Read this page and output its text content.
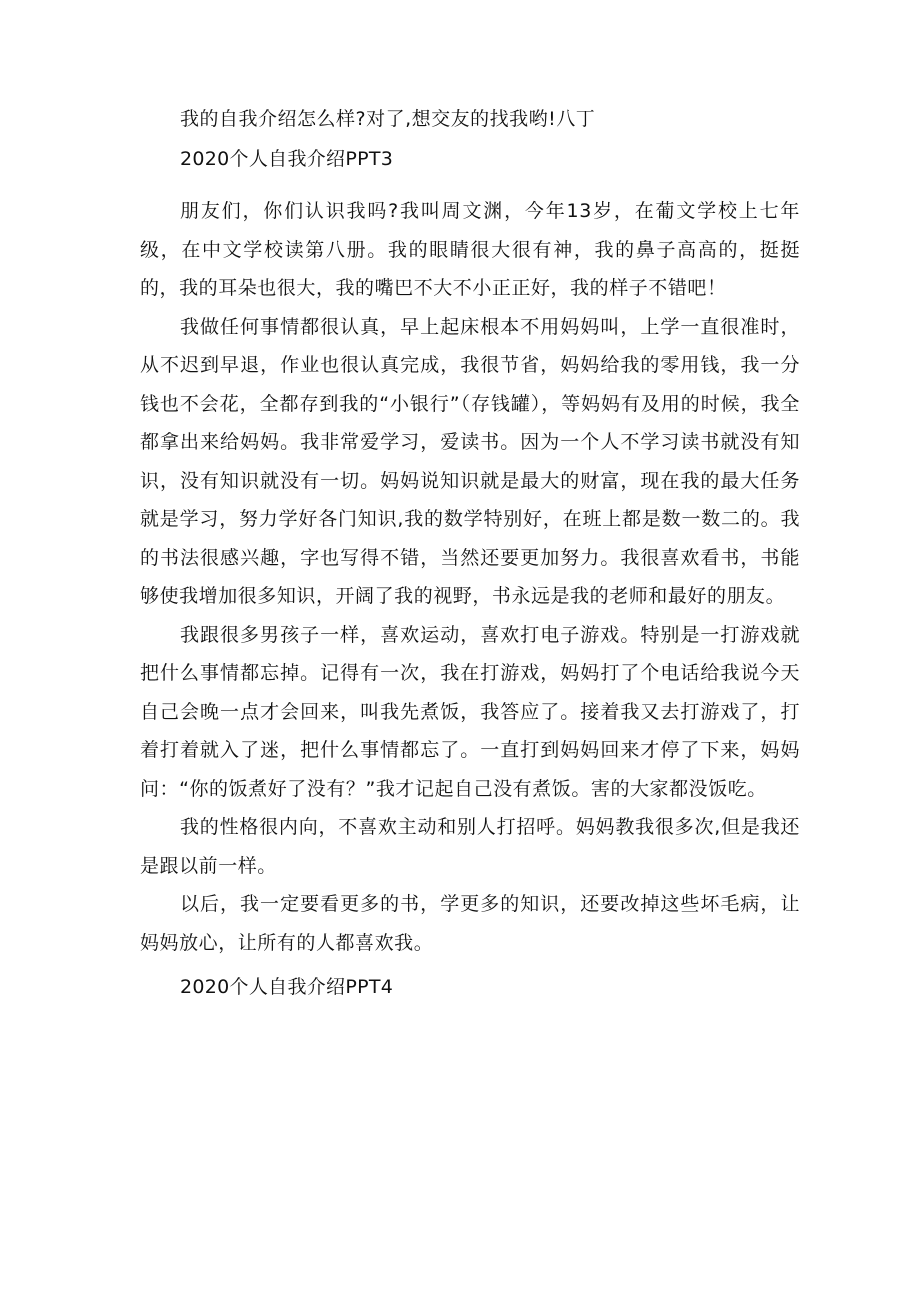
我的自我介绍怎么样?对了,想交友的找我哟!八丁
2020个人自我介绍PPT3

朋友们，你们认识我吗?我叫周文渊，今年13岁，在葡文学校上七年级，在中文学校读第八册。我的眼睛很大很有神，我的鼻子高高的，挺挺的，我的耳朵也很大，我的嘴巴不大不小正正好，我的样子不错吧！

我做任何事情都很认真，早上起床根本不用妈妈叫，上学一直很准时，从不迟到早退，作业也很认真完成，我很节省，妈妈给我的零用钱，我一分钱也不会花，全都存到我的“小银行”（存钱罐），等妈妈有及用的时候，我全都拿出来给妈妈。我非常爱学习，爱读书。因为一个人不学习读书就没有知识，没有知识就没有一切。妈妈说知识就是最大的财富，现在我的最大任务就是学习，努力学好各门知识,我的数学特别好，在班上都是数一数二的。我的书法很感兴趣，字也写得不错，当然还要更加努力。我很喜欢看书，书能够使我增加很多知识，开阔了我的视野，书永远是我的老师和最好的朋友。

我跟很多男孩子一样，喜欢运动，喜欢打电子游戏。特别是一打游戏就把什么事情都忘掉。记得有一次，我在打游戏，妈妈打了个电话给我说今天自己会晚一点才会回来，叫我先煮饭，我答应了。接着我又去打游戏了，打着打着就入了迷，把什么事情都忘了。一直打到妈妈回来才停了下来，妈妈问：“你的饭煮好了没有？”我才记起自己没有煮饭。害的大家都没饭吃。

我的性格很内向，不喜欢主动和别人打招呼。妈妈教我很多次,但是我还是跟以前一样。

以后，我一定要看更多的书，学更多的知识，还要改掉这些坏毛病，让妈妈放心，让所有的人都喜欢我。

2020个人自我介绍PPT4
